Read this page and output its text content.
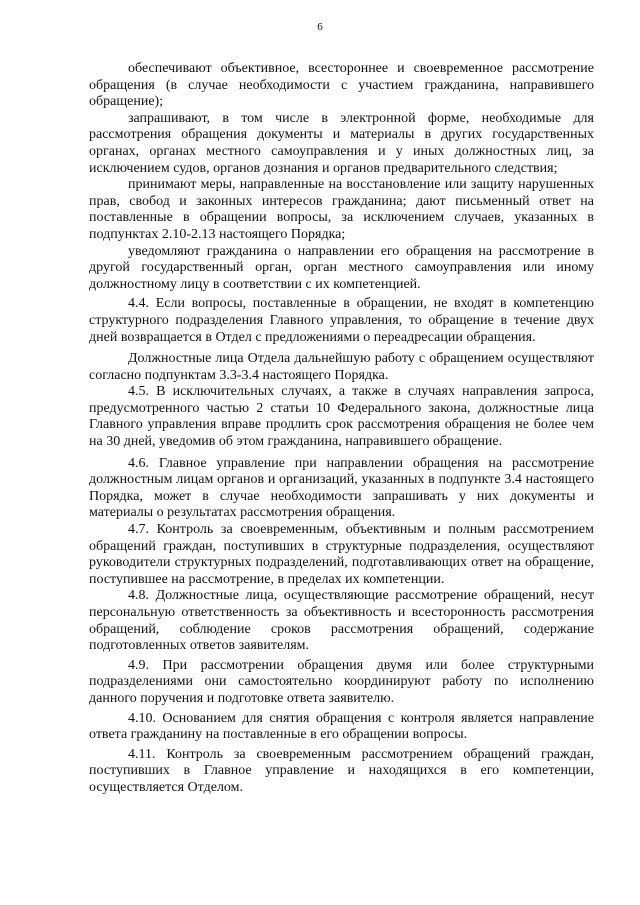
6

обеспечивают объективное, всестороннее и своевременное рассмотрение обращения (в случае необходимости с участием гражданина, направившего обращение);

запрашивают, в том числе в электронной форме, необходимые для рассмотрения обращения документы и материалы в других государственных органах, органах местного самоуправления и у иных должностных лиц, за исключением судов, органов дознания и органов предварительного следствия;

принимают меры, направленные на восстановление или защиту нарушенных прав, свобод и законных интересов гражданина; дают письменный ответ на поставленные в обращении вопросы, за исключением случаев, указанных в подпунктах 2.10-2.13 настоящего Порядка;

уведомляют гражданина о направлении его обращения на рассмотрение в другой государственный орган, орган местного самоуправления или иному должностному лицу в соответствии с их компетенцией.

4.4. Если вопросы, поставленные в обращении, не входят в компетенцию структурного подразделения Главного управления, то обращение в течение двух дней возвращается в Отдел с предложениями о переадресации обращения.

Должностные лица Отдела дальнейшую работу с обращением осуществляют согласно подпунктам 3.3-3.4 настоящего Порядка.

4.5. В исключительных случаях, а также в случаях направления запроса, предусмотренного частью 2 статьи 10 Федерального закона, должностные лица Главного управления вправе продлить срок рассмотрения обращения не более чем на 30 дней, уведомив об этом гражданина, направившего обращение.

4.6. Главное управление при направлении обращения на рассмотрение должностным лицам органов и организаций, указанных в подпункте 3.4 настоящего Порядка, может в случае необходимости запрашивать у них документы и материалы о результатах рассмотрения обращения.

4.7. Контроль за своевременным, объективным и полным рассмотрением обращений граждан, поступивших в структурные подразделения, осуществляют руководители структурных подразделений, подготавливающих ответ на обращение, поступившее на рассмотрение, в пределах их компетенции.

4.8. Должностные лица, осуществляющие рассмотрение обращений, несут персональную ответственность за объективность и всесторонность рассмотрения обращений, соблюдение сроков рассмотрения обращений, содержание подготовленных ответов заявителям.

4.9. При рассмотрении обращения двумя или более структурными подразделениями они самостоятельно координируют работу по исполнению данного поручения и подготовке ответа заявителю.

4.10. Основанием для снятия обращения с контроля является направление ответа гражданину на поставленные в его обращении вопросы.

4.11. Контроль за своевременным рассмотрением обращений граждан, поступивших в Главное управление и находящихся в его компетенции, осуществляется Отделом.
